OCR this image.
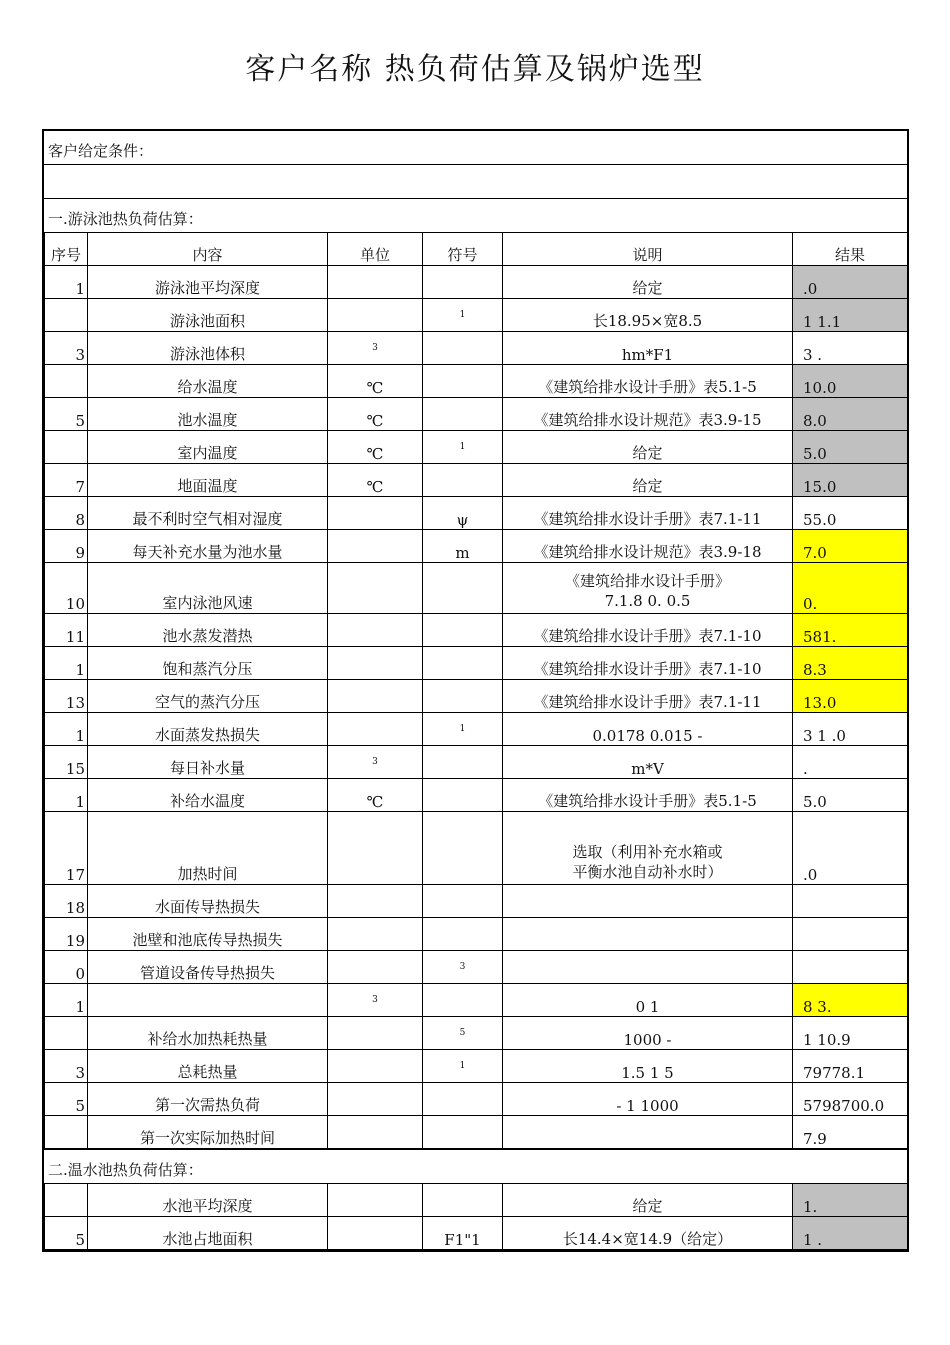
客户名称 热负荷估算及锅炉选型
客户给定条件：
一.游泳池热负荷估算：
序号	内容	单位	符号	说明	结果
1	游泳池平均深度			给定	.0
	游泳池面积		1	长18.95×宽8.5	1 1.1
3	游泳池体积	3		hm*F1	3 .
	给水温度	℃		《建筑给排水设计手册》表5.1-5	10.0
5	池水温度	℃		《建筑给排水设计规范》表3.9-15	8.0
	室内温度	℃	1	给定	5.0
7	地面温度	℃		给定	15.0
8	最不利时空气相对湿度		ψ	《建筑给排水设计手册》表7.1-11	55.0
9	每天补充水量为池水量		m	《建筑给排水设计规范》表3.9-18	7.0
10	室内泳池风速			《建筑给排水设计手册》
7.1.8 0. 0.5	0.
11	池水蒸发潜热			《建筑给排水设计手册》表7.1-10	581.
1	饱和蒸汽分压			《建筑给排水设计手册》表7.1-10	8.3
13	空气的蒸汽分压			《建筑给排水设计手册》表7.1-11	13.0
1	水面蒸发热损失		1	0.0178 0.015 -	3 1 .0
15	每日补水量	3		m*V	.
1	补给水温度	℃		《建筑给排水设计手册》表5.1-5	5.0
17	加热时间			选取（利用补充水箱或
平衡水池自动补水时）	.0
18	水面传导热损失				
19	池壁和池底传导热损失				
0	管道设备传导热损失		3		
1		3		0 1	8 3.
	补给水加热耗热量		5	1000 -	1 10.9
3	总耗热量		1	1.5 1 5	79778.1
5	第一次需热负荷			- 1 1000	5798700.0
	第一次实际加热时间				7.9
二.温水池热负荷估算：
	水池平均深度			给定	1.
5	水池占地面积		F1"1	长14.4×宽14.9（给定）	1 .
